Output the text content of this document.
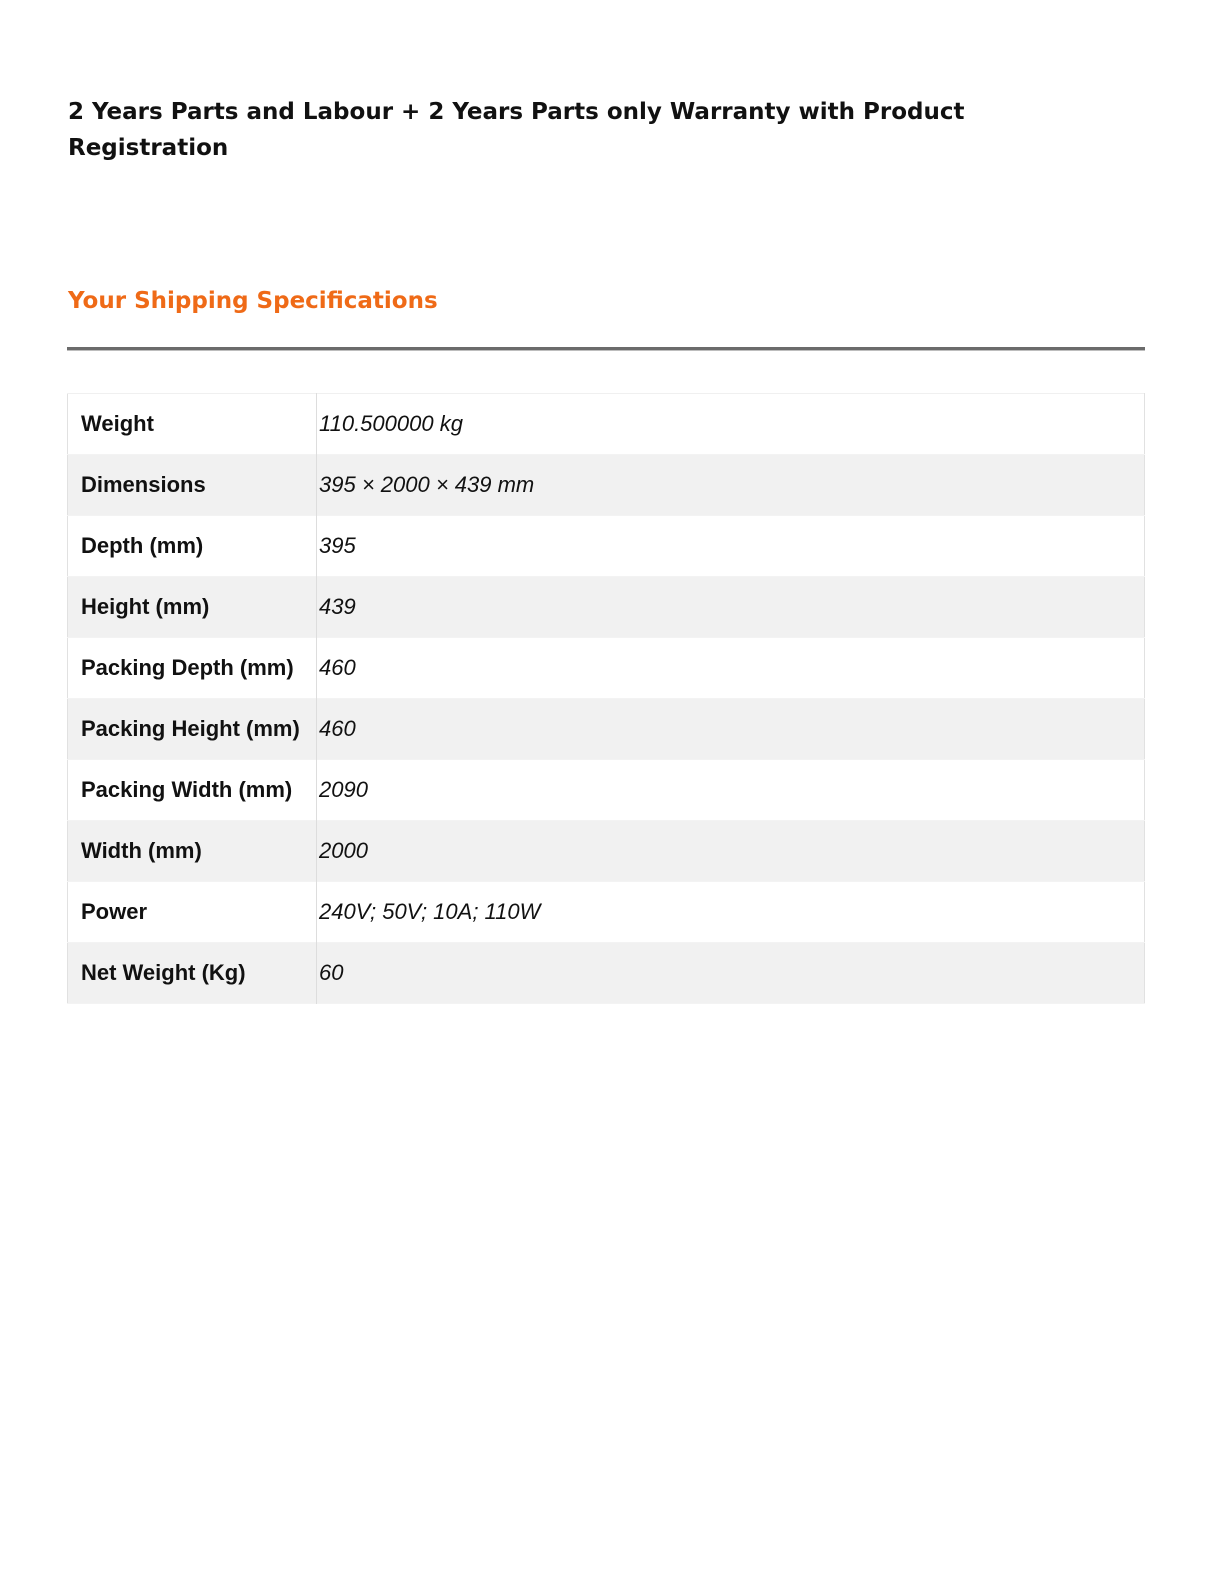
2 Years Parts and Labour + 2 Years Parts only Warranty with Product Registration

Your Shipping Specifications
Weight	110.500000 kg
Dimensions	395 × 2000 × 439 mm
Depth (mm)	395
Height (mm)	439
Packing Depth (mm)	460
Packing Height (mm)	460
Packing Width (mm)	2090
Width (mm)	2000
Power	240V; 50V; 10A; 110W
Net Weight (Kg)	60
